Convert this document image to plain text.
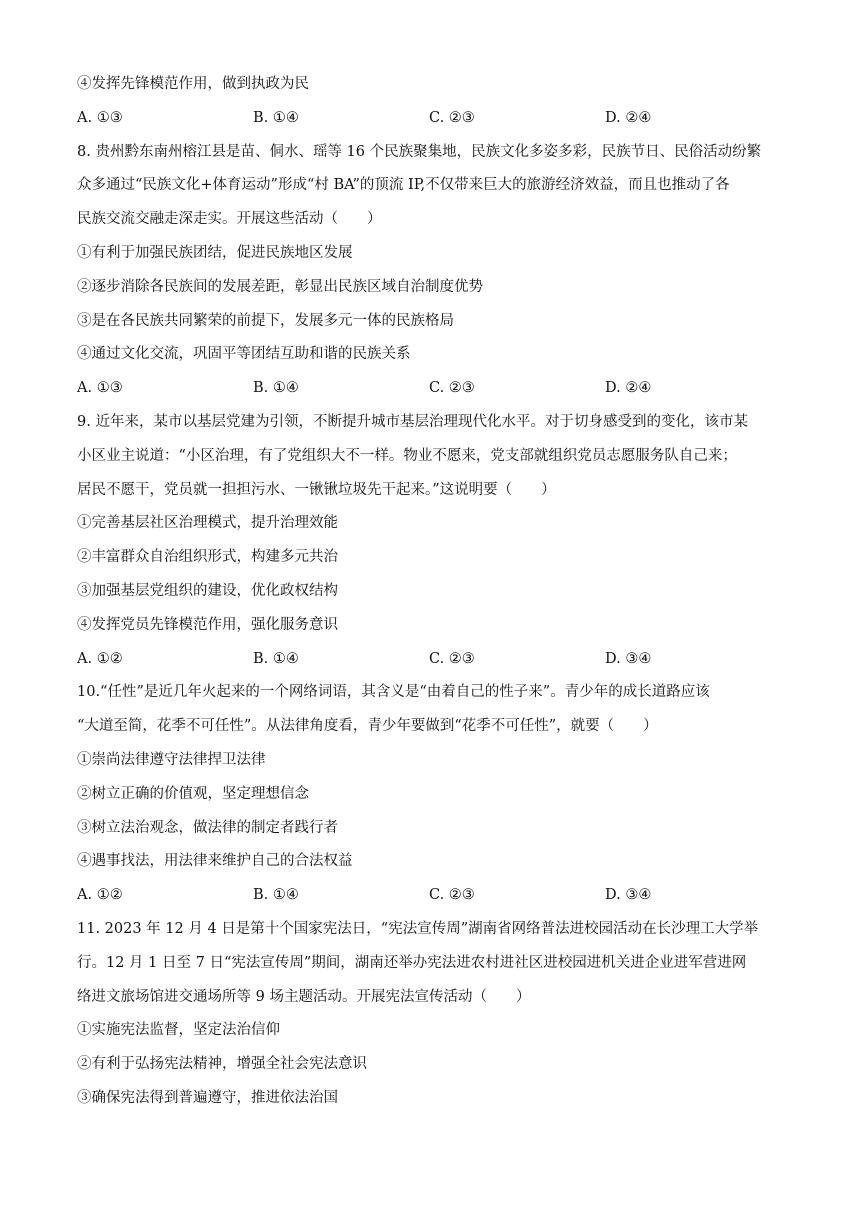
④发挥先锋模范作用，做到执政为民
A. ①③	B. ①④	C. ②③	D. ②④
8. 贵州黔东南州榕江县是苗、侗水、瑶等 16 个民族聚集地，民族文化多姿多彩，民族节日、民俗活动纷繁
众多通过“民族文化+体育运动”形成“村 BA”的顶流 IP,不仅带来巨大的旅游经济效益，而且也推动了各
民族交流交融走深走实。开展这些活动（　　）
①有利于加强民族团结，促进民族地区发展
②逐步消除各民族间的发展差距，彰显出民族区域自治制度优势
③是在各民族共同繁荣的前提下，发展多元一体的民族格局
④通过文化交流，巩固平等团结互助和谐的民族关系
A. ①③	B. ①④	C. ②③	D. ②④
9. 近年来，某市以基层党建为引领，不断提升城市基层治理现代化水平。对于切身感受到的变化，该市某
小区业主说道：“小区治理，有了党组织大不一样。物业不愿来，党支部就组织党员志愿服务队自己来；
居民不愿干，党员就一担担污水、一锹锹垃圾先干起来。”这说明要（　　）
①完善基层社区治理模式，提升治理效能
②丰富群众自治组织形式，构建多元共治
③加强基层党组织的建设，优化政权结构
④发挥党员先锋模范作用，强化服务意识
A. ①②	B. ①④	C. ②③	D. ③④
10.“任性”是近几年火起来的一个网络词语，其含义是“由着自己的性子来”。青少年的成长道路应该
“大道至简，花季不可任性”。从法律角度看，青少年要做到“花季不可任性”，就要（　　）
①崇尚法律遵守法律捍卫法律
②树立正确的价值观，坚定理想信念
③树立法治观念，做法律的制定者践行者
④遇事找法，用法律来维护自己的合法权益
A. ①②	B. ①④	C. ②③	D. ③④
11. 2023 年 12 月 4 日是第十个国家宪法日，“宪法宣传周”湖南省网络普法进校园活动在长沙理工大学举
行。12 月 1 日至 7 日“宪法宣传周”期间，湖南还举办宪法进农村进社区进校园进机关进企业进军营进网
络进文旅场馆进交通场所等 9 场主题活动。开展宪法宣传活动（　　）
①实施宪法监督，坚定法治信仰
②有利于弘扬宪法精神，增强全社会宪法意识
③确保宪法得到普遍遵守，推进依法治国
